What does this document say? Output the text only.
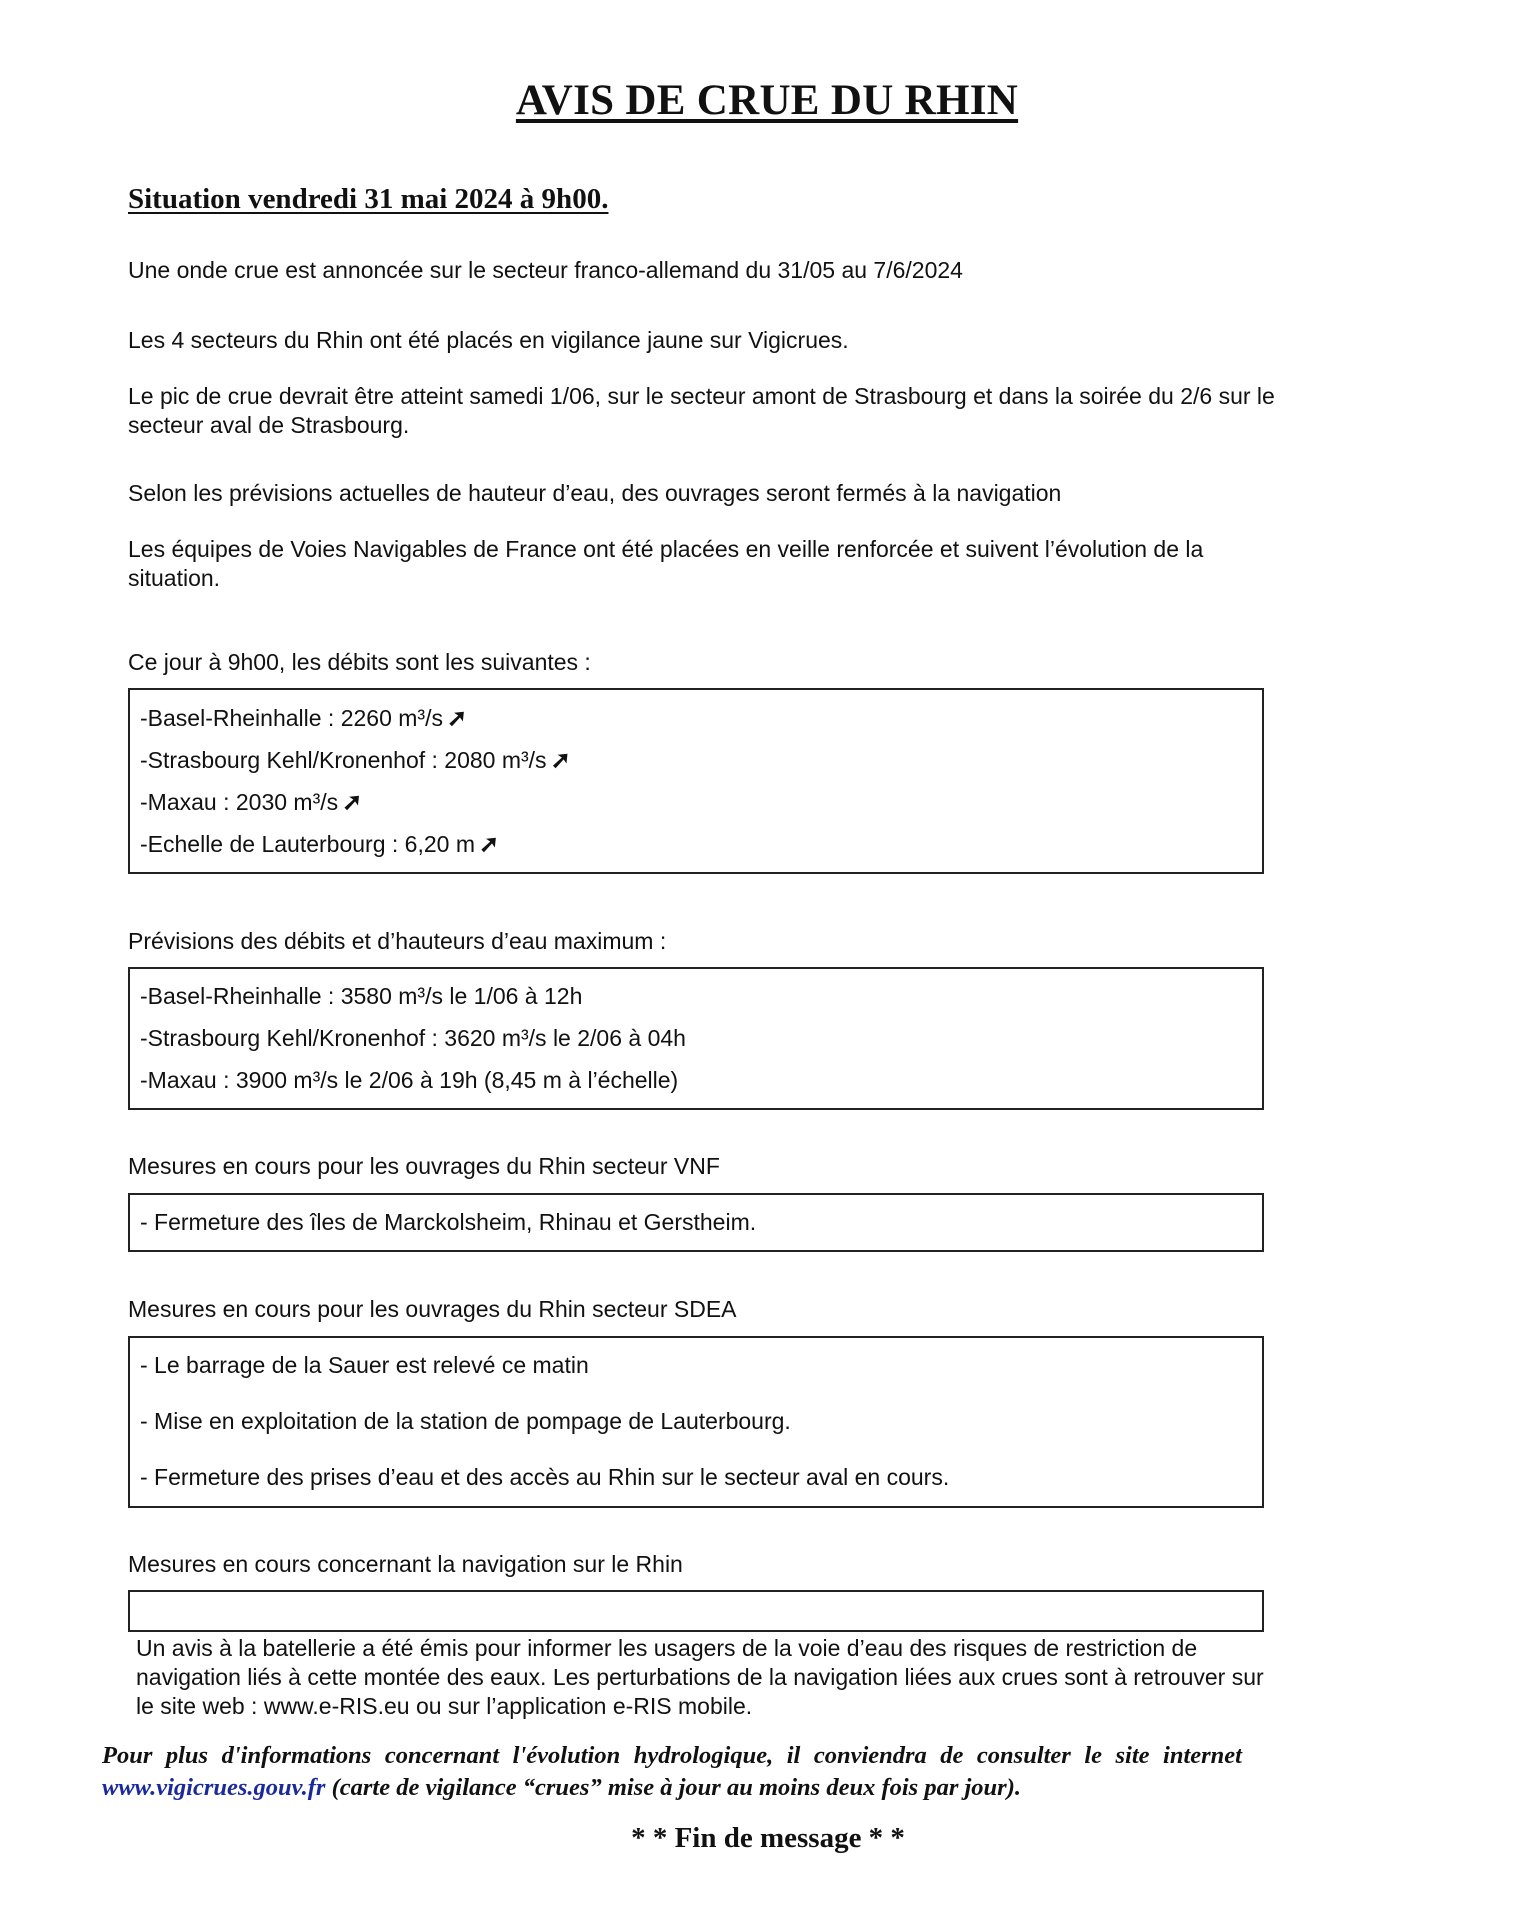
AVIS DE CRUE DU RHIN
Situation vendredi 31 mai 2024 à 9h00.
Une onde crue est annoncée sur le secteur franco-allemand du 31/05 au 7/6/2024
Les 4 secteurs du Rhin ont été placés en vigilance jaune sur Vigicrues.
Le pic de crue devrait être atteint samedi 1/06, sur le secteur amont de Strasbourg et dans la soirée du 2/6 sur le secteur aval de Strasbourg.
Selon les prévisions actuelles de hauteur d’eau, des ouvrages seront fermés à la navigation
Les équipes de Voies Navigables de France ont été placées en veille renforcée et suivent l’évolution de la situation.
Ce jour à 9h00, les débits sont les suivantes :
-Basel-Rheinhalle : 2260 m³/s ➚
-Strasbourg Kehl/Kronenhof : 2080 m³/s ➚
-Maxau : 2030 m³/s ➚
-Echelle de Lauterbourg : 6,20 m ➚
Prévisions des débits et d’hauteurs d’eau maximum :
-Basel-Rheinhalle : 3580 m³/s le 1/06 à 12h
-Strasbourg Kehl/Kronenhof : 3620 m³/s le 2/06 à 04h
-Maxau : 3900 m³/s le 2/06 à 19h (8,45 m à l’échelle)
Mesures en cours pour les ouvrages du Rhin secteur VNF
- Fermeture des îles de Marckolsheim, Rhinau et Gerstheim.
Mesures en cours pour les ouvrages du Rhin secteur SDEA
- Le barrage de la Sauer est relevé ce matin
- Mise en exploitation de la station de pompage de Lauterbourg.
- Fermeture des prises d’eau et des accès au Rhin sur le secteur aval en cours.
Mesures en cours concernant la navigation sur le Rhin
Un avis à la batellerie a été émis pour informer les usagers de la voie d’eau des risques de restriction de navigation liés à cette montée des eaux. Les perturbations de la navigation liées aux crues sont à retrouver sur le site web : www.e-RIS.eu ou sur l’application e-RIS mobile.
Pour plus d'informations concernant l'évolution hydrologique, il conviendra de consulter le site internet www.vigicrues.gouv.fr (carte de vigilance “crues” mise à jour au moins deux fois par jour).
* * Fin de message * *
